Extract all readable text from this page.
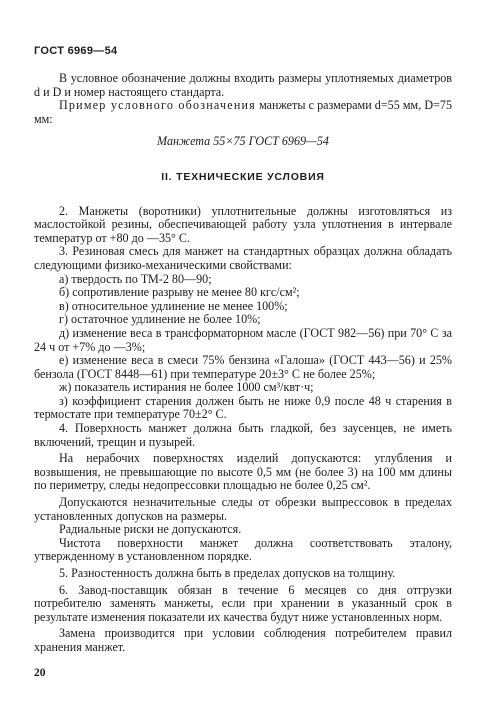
ГОСТ 6969—54

В условное обозначение должны входить размеры уплотняемых диаметров d и D и номер настоящего стандарта.

Пример условного обозначения манжеты с размерами d=55 мм, D=75 мм:

Манжета 55×75 ГОСТ 6969—54

II. ТЕХНИЧЕСКИЕ УСЛОВИЯ

2. Манжеты (воротники) уплотнительные должны изготовляться из маслостойкой резины, обеспечивающей работу узла уплотнения в интервале температур от +80 до —35° С.

3. Резиновая смесь для манжет на стандартных образцах должна обладать следующими физико-механическими свойствами:

а) твердость по ТМ-2 80—90;

б) сопротивление разрыву не менее 80 кгс/см²;

в) относительное удлинение не менее 100%;

г) остаточное удлинение не более 10%;

д) изменение веса в трансформаторном масле (ГОСТ 982—56) при 70° С за 24 ч от +7% до —3%;

е) изменение веса в смеси 75% бензина «Галоша» (ГОСТ 443—56) и 25% бензола (ГОСТ 8448—61) при температуре 20±3° С не более 25%;

ж) показатель истирания не более 1000 см³/квт·ч;

з) коэффициент старения должен быть не ниже 0,9 после 48 ч старения в термостате при температуре 70±2° С.

4. Поверхность манжет должна быть гладкой, без заусенцев, не иметь включений, трещин и пузырей.

На нерабочих поверхностях изделий допускаются: углубления и возвышения, не превышающие по высоте 0,5 мм (не более 3) на 100 мм длины по периметру, следы недопрессовки площадью не более 0,25 см².

Допускаются незначительные следы от обрезки выпрессовок в пределах установленных допусков на размеры.

Радиальные риски не допускаются.

Чистота поверхности манжет должна соответствовать эталону, утвержденному в установленном порядке.

5. Разностенность должна быть в пределах допусков на толщину.

6. Завод-поставщик обязан в течение 6 месяцев со дня отгрузки потребителю заменять манжеты, если при хранении в указанный срок в результате изменения показатели их качества будут ниже установленных норм.

Замена производится при условии соблюдения потребителем правил хранения манжет.

20
